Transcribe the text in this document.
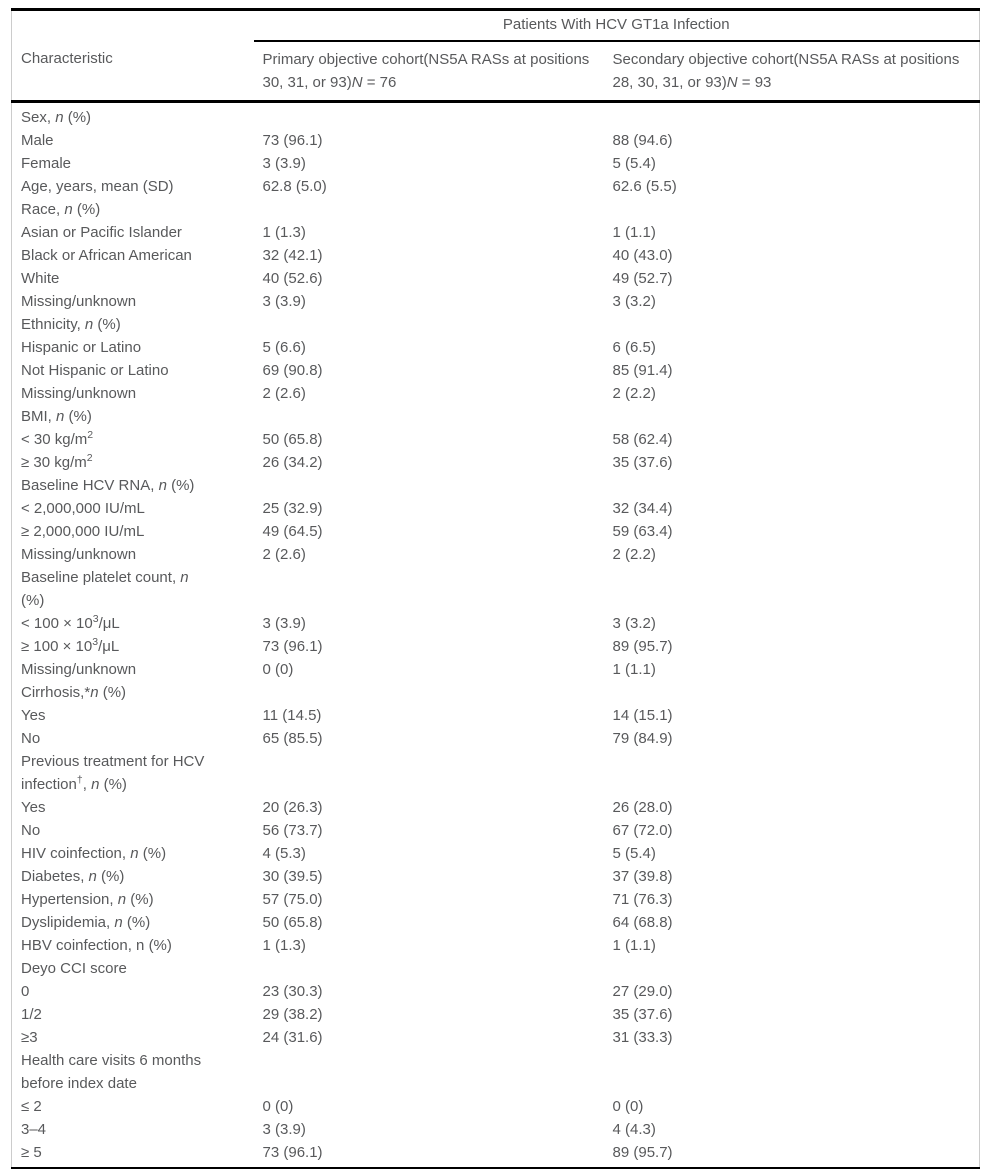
	Patients With HCV GT1a Infection	
Characteristic	Primary objective cohort(NS5A RASs at positions 30, 31, or 93)N = 76	Secondary objective cohort(NS5A RASs at positions 28, 30, 31, or 93)N = 93
Sex, n (%)		
Male	73 (96.1)	88 (94.6)
Female	3 (3.9)	5 (5.4)
Age, years, mean (SD)	62.8 (5.0)	62.6 (5.5)
Race, n (%)		
Asian or Pacific Islander	1 (1.3)	1 (1.1)
Black or African American	32 (42.1)	40 (43.0)
White	40 (52.6)	49 (52.7)
Missing/unknown	3 (3.9)	3 (3.2)
Ethnicity, n (%)		
Hispanic or Latino	5 (6.6)	6 (6.5)
Not Hispanic or Latino	69 (90.8)	85 (91.4)
Missing/unknown	2 (2.6)	2 (2.2)
BMI, n (%)		
< 30 $kg/m^2$	50 (65.8)	58 (62.4)
≥ 30 $kg/m^2$	26 (34.2)	35 (37.6)
Baseline HCV RNA, n (%)		
< 2,000,000 IU/mL	25 (32.9)	32 (34.4)
≥ 2,000,000 IU/mL	49 (64.5)	59 (63.4)
Missing/unknown	2 (2.6)	2 (2.2)
Baseline platelet count, n
(%)		
< $100 \times 10^3/\mu L$	3 (3.9)	3 (3.2)
≥ $100 \times 10^3/\mu L$	73 (96.1)	89 (95.7)
Missing/unknown	0 (0)	1 (1.1)
Cirrhosis,*n (%)		
Yes	11 (14.5)	14 (15.1)
No	65 (85.5)	79 (84.9)
Previous treatment for HCV
infection†, n (%)		
Yes	20 (26.3)	26 (28.0)
No	56 (73.7)	67 (72.0)
HIV coinfection, n (%)	4 (5.3)	5 (5.4)
Diabetes, n (%)	30 (39.5)	37 (39.8)
Hypertension, n (%)	57 (75.0)	71 (76.3)
Dyslipidemia, n (%)	50 (65.8)	64 (68.8)
HBV coinfection, n (%)	1 (1.3)	1 (1.1)
Deyo CCI score		
0	23 (30.3)	27 (29.0)
1/2	29 (38.2)	35 (37.6)
≥3	24 (31.6)	31 (33.3)
Health care visits 6 months
before index date		
≤ 2	0 (0)	0 (0)
3–4	3 (3.9)	4 (4.3)
≥ 5	73 (96.1)	89 (95.7)
